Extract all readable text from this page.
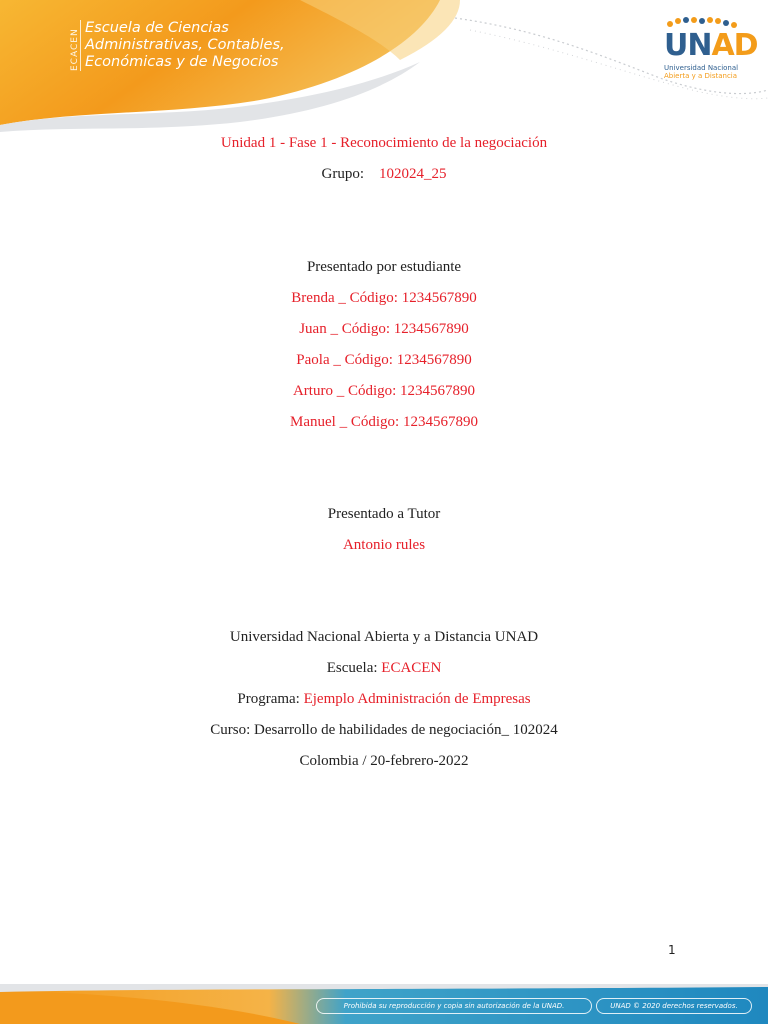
ECACEN
Escuela de Ciencias
Administrativas, Contables,
Económicas y de Negocios	UNAD
Universidad Nacional
Abierta y a Distancia

Unidad 1 - Fase 1 - Reconocimiento de la negociación

Grupo: 102024_25

Presentado por estudiante

Brenda _ Código: 1234567890

Juan _ Código: 1234567890

Paola _ Código: 1234567890

Arturo _ Código: 1234567890

Manuel _ Código: 1234567890

Presentado a Tutor

Antonio rules

Universidad Nacional Abierta y a Distancia UNAD

Escuela: ECACEN

Programa: Ejemplo Administración de Empresas

Curso: Desarrollo de habilidades de negociación_ 102024

Colombia / 20-febrero-2022

1
Prohibida su reproducción y copia sin autorización de la UNAD.	UNAD © 2020 derechos reservados.
